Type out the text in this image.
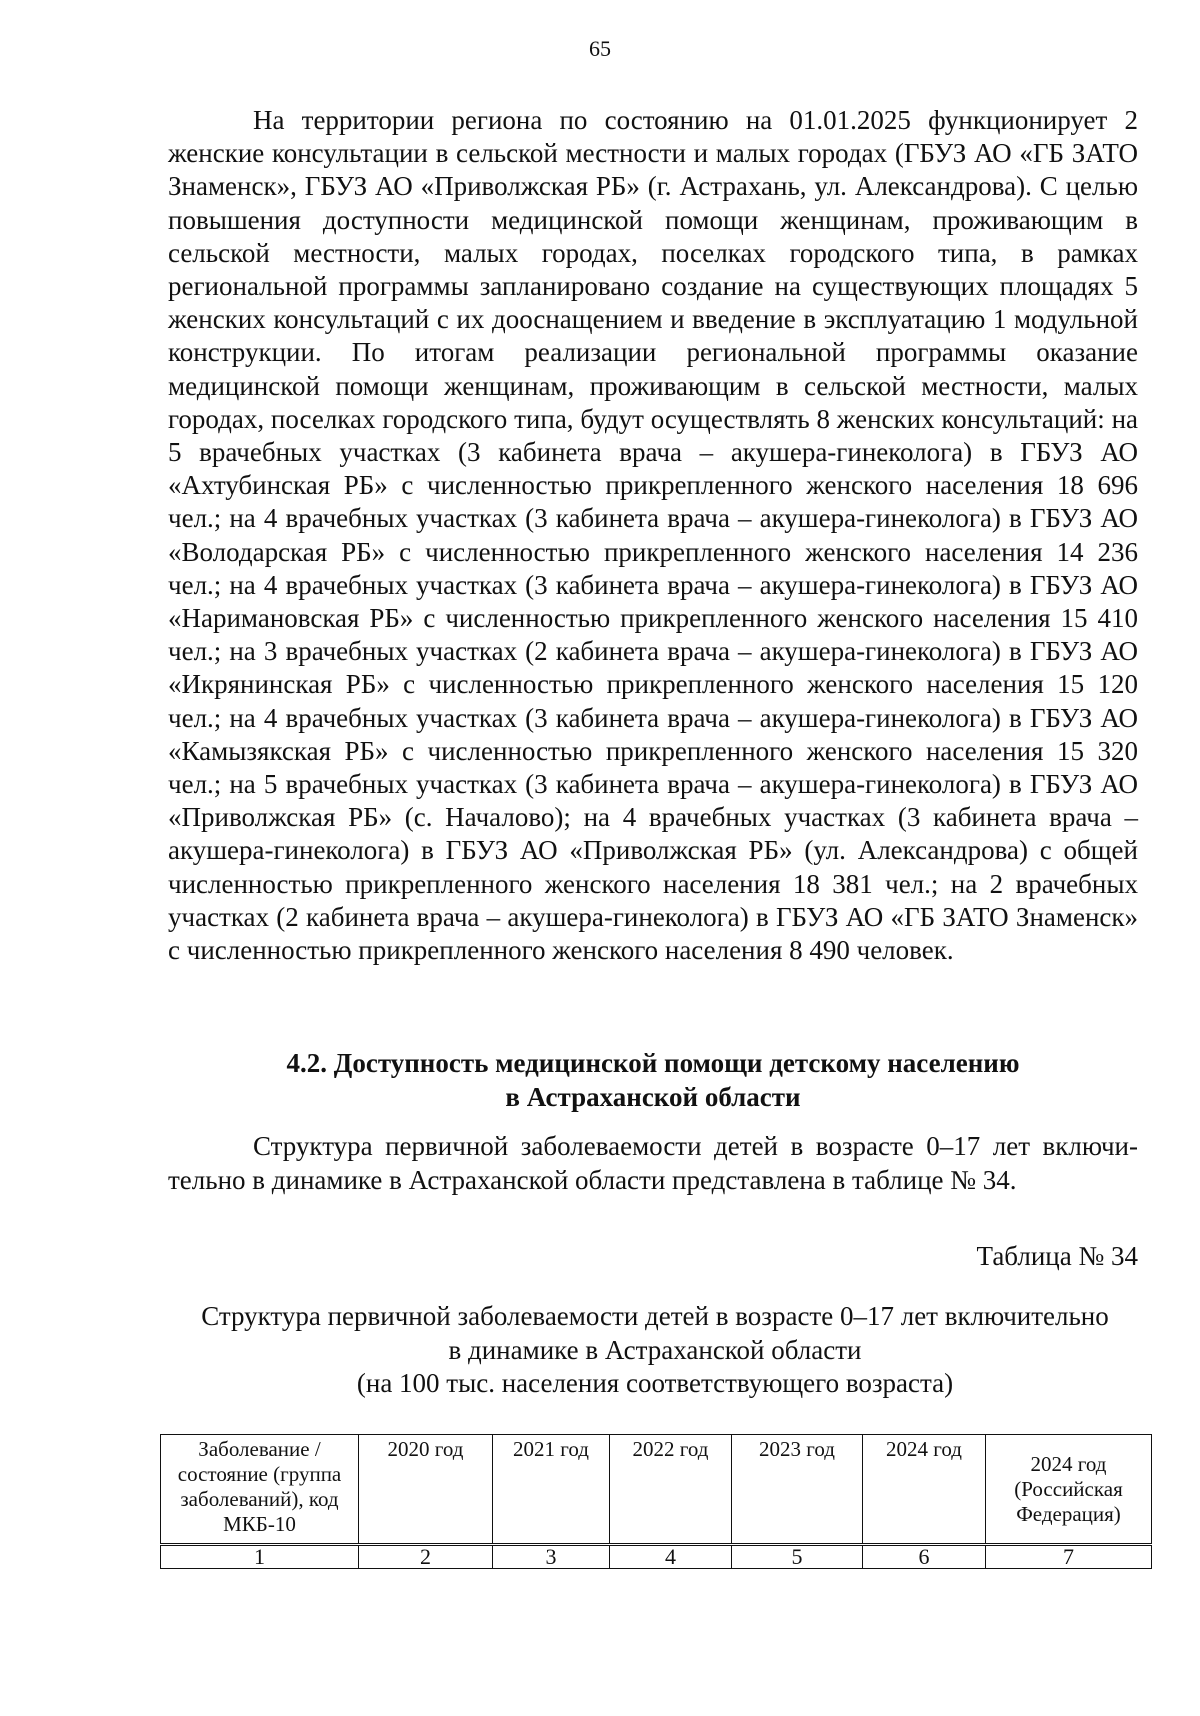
65

На территории региона по состоянию на 01.01.2025 функционирует 2 женские консультации в сельской местности и малых городах (ГБУЗ АО «ГБ ЗАТО Знаменск», ГБУЗ АО «Приволжская РБ» (г. Астрахань, ул. Александрова). С целью повышения доступности медицинской помощи женщинам, проживающим в сельской местности, малых городах, поселках городского типа, в рамках региональной программы запланировано создание на существующих площадях 5 женских консультаций с их дооснащением и введение в эксплуатацию 1 модульной конструкции. По итогам реализации региональной программы оказание медицинской помощи женщинам, проживающим в сельской местности, малых городах, поселках городского типа, будут осуществлять 8 женских консультаций: на 5 врачебных участках (3 кабинета врача – акушера-гинеколога) в ГБУЗ АО «Ахтубинская РБ» с численностью прикрепленного женского населения 18 696 чел.; на 4 врачебных участках (3 кабинета врача – акушера-гинеколога) в ГБУЗ АО «Володарская РБ» с численностью прикрепленного женского населения 14 236 чел.; на 4 врачебных участках (3 кабинета врача – акушера-гинеколога) в ГБУЗ АО «Наримановская РБ» с численностью прикрепленного женского населения 15 410 чел.; на 3 врачебных участках (2 кабинета врача – акушера-гинеколога) в ГБУЗ АО «Икрянинская РБ» с численностью прикрепленного женского населения 15 120 чел.; на 4 врачебных участках (3 кабинета врача – акушера-гинеколога) в ГБУЗ АО «Камызякская РБ» с численностью прикрепленного женского населения 15 320 чел.; на 5 врачебных участках (3 кабинета врача – акушера-гинеколога) в ГБУЗ АО «Приволжская РБ» (с. Началово); на 4 врачебных участках (3 кабинета врача – акушера-гинеколога) в ГБУЗ АО «Приволжская РБ» (ул. Александрова) с общей численностью прикрепленного женского населения 18 381 чел.; на 2 врачебных участках (2 кабинета врача – акушера-гинеколога) в ГБУЗ АО «ГБ ЗАТО Знаменск» с численностью прикрепленного женского населения 8 490 человек.

4.2. Доступность медицинской помощи детскому населению
в Астраханской области

Структура первичной заболеваемости детей в возрасте 0–17 лет включительно в динамике в Астраханской области представлена в таблице № 34.

Таблица № 34

Структура первичной заболеваемости детей в возрасте 0–17 лет включительно
в динамике в Астраханской области
(на 100 тыс. населения соответствующего возраста)
Заболевание / состояние (группа заболеваний), код МКБ-10	2020 год	2021 год	2022 год	2023 год	2024 год	2024 год (Российская Федерация)
1	2	3	4	5	6	7
